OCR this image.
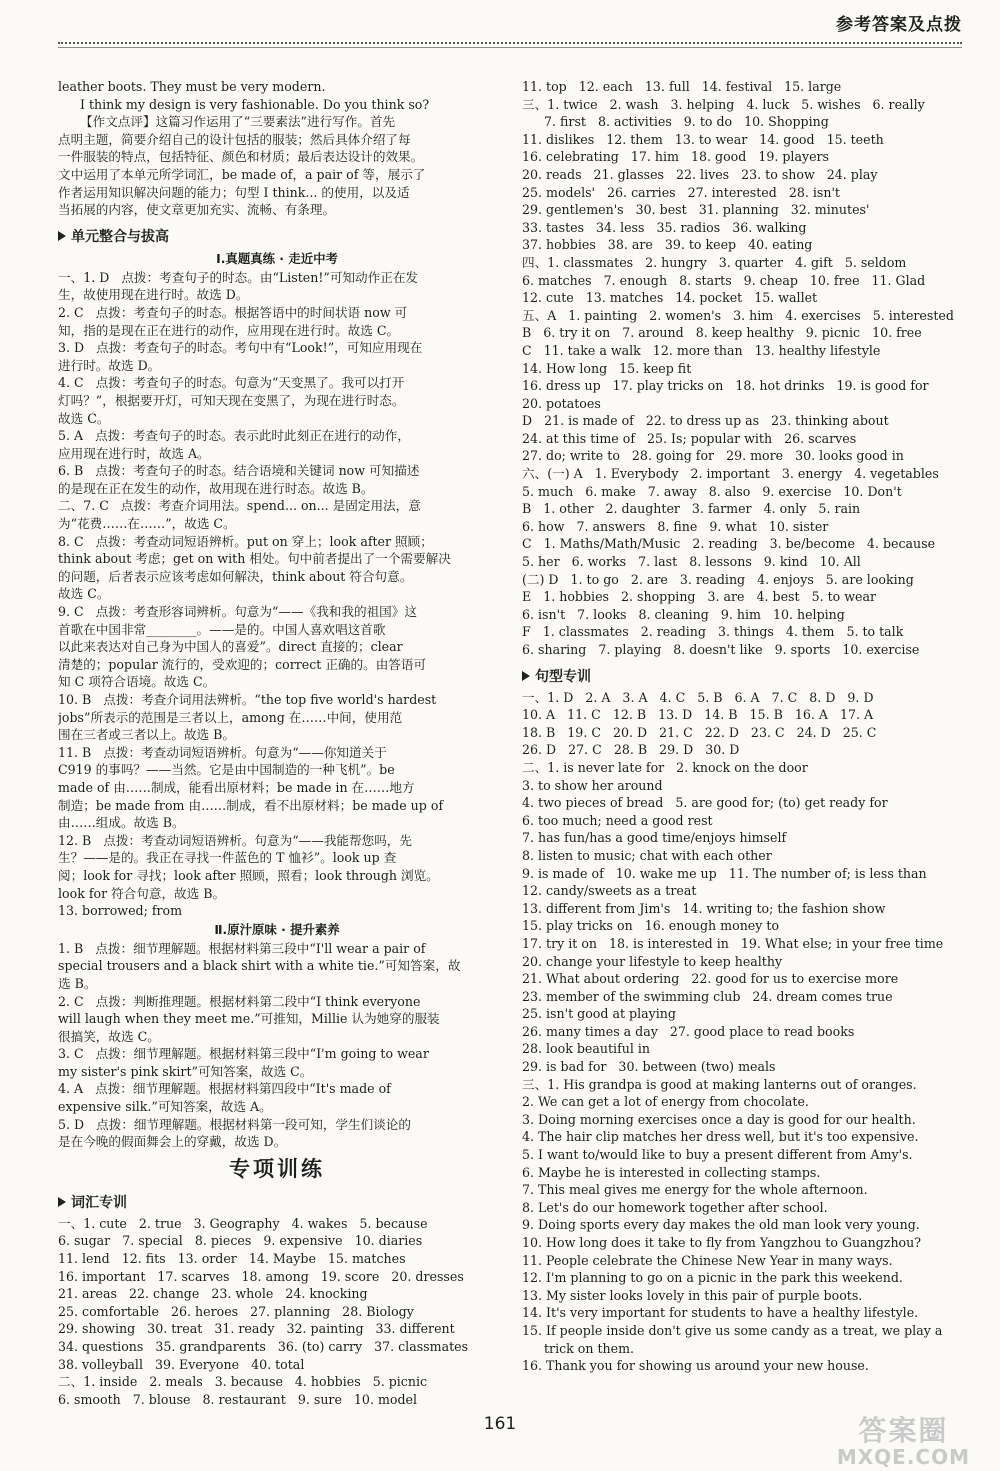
参考答案及点拨
leather boots. They must be very modern.
I think my design is very fashionable. Do you think so?
【作文点评】这篇习作运用了“三要素法”进行写作。首先
点明主题，简要介绍自己的设计包括的服装；然后具体介绍了每
一件服装的特点，包括特征、颜色和材质；最后表达设计的效果。
文中运用了本单元所学词汇，be made of，a pair of 等，展示了
作者运用知识解决问题的能力；句型 I think... 的使用，以及适
当拓展的内容，使文章更加充实、流畅、有条理。
单元整合与拔高
Ⅰ.真题真练 · 走近中考
一、1. D   点拨：考查句子的时态。由“Listen!”可知动作正在发
生，故使用现在进行时。故选 D。
2. C   点拨：考查句子的时态。根据答语中的时间状语 now 可
知，指的是现在正在进行的动作，应用现在进行时。故选 C。
3. D   点拨：考查句子的时态。考句中有“Look!”，可知应用现在
进行时。故选 D。
4. C   点拨：考查句子的时态。句意为“天变黑了。我可以打开
灯吗？”，根据要开灯，可知天现在变黑了，为现在进行时态。
故选 C。
5. A   点拨：考查句子的时态。表示此时此刻正在进行的动作，
应用现在进行时，故选 A。
6. B   点拨：考查句子的时态。结合语境和关键词 now 可知描述
的是现在正在发生的动作，故用现在进行时态。故选 B。
二、7. C   点拨：考查介词用法。spend... on... 是固定用法，意
为“花费……在……”，故选 C。
8. C   点拨：考查动词短语辨析。put on 穿上；look after 照顾；
think about 考虑；get on with 相处。句中前者提出了一个需要解决
的问题，后者表示应该考虑如何解决，think about 符合句意。
故选 C。
9. C   点拨：考查形容词辨析。句意为“——《我和我的祖国》这
首歌在中国非常________。——是的。中国人喜欢唱这首歌
以此来表达对自己身为中国人的喜爱”。direct 直接的；clear
清楚的；popular 流行的，受欢迎的；correct 正确的。由答语可
知 C 项符合语境。故选 C。
10. B   点拨：考查介词用法辨析。“the top five world's hardest
jobs”所表示的范围是三者以上，among 在……中间，使用范
围在三者或三者以上。故选 B。
11. B   点拨：考查动词短语辨析。句意为“——你知道关于
C919 的事吗？——当然。它是由中国制造的一种飞机”。be
made of 由……制成，能看出原材料；be made in 在……地方
制造；be made from 由……制成，看不出原材料；be made up of
由……组成。故选 B。
12. B   点拨：考查动词短语辨析。句意为“——我能帮您吗，先
生？——是的。我正在寻找一件蓝色的 T 恤衫”。look up 查
阅；look for 寻找；look after 照顾，照看；look through 浏览。
look for 符合句意，故选 B。
13. borrowed; from
Ⅱ.原汁原味 · 提升素养
1. B   点拨：细节理解题。根据材料第三段中“I'll wear a pair of
special trousers and a black shirt with a white tie.”可知答案，故
选 B。
2. C   点拨：判断推理题。根据材料第二段中“I think everyone
will laugh when they meet me.”可推知，Millie 认为她穿的服装
很搞笑，故选 C。
3. C   点拨：细节理解题。根据材料第三段中“I'm going to wear
my sister's pink skirt”可知答案，故选 C。
4. A   点拨：细节理解题。根据材料第四段中“It's made of
expensive silk.”可知答案，故选 A。
5. D   点拨：细节理解题。根据材料第一段可知，学生们谈论的
是在今晚的假面舞会上的穿戴，故选 D。
专项训练
词汇专训
一、1. cute   2. true   3. Geography   4. wakes   5. because
6. sugar   7. special   8. pieces   9. expensive   10. diaries
11. lend   12. fits   13. order   14. Maybe   15. matches
16. important   17. scarves   18. among   19. score   20. dresses
21. areas   22. change   23. whole   24. knocking
25. comfortable   26. heroes   27. planning   28. Biology
29. showing   30. treat   31. ready   32. painting   33. different
34. questions   35. grandparents   36. (to) carry   37. classmates
38. volleyball   39. Everyone   40. total
二、1. inside   2. meals   3. because   4. hobbies   5. picnic
6. smooth   7. blouse   8. restaurant   9. sure   10. model
11. top   12. each   13. full   14. festival   15. large
三、1. twice   2. wash   3. helping   4. luck   5. wishes   6. really
7. first   8. activities   9. to do   10. Shopping
11. dislikes   12. them   13. to wear   14. good   15. teeth
16. celebrating   17. him   18. good   19. players
20. reads   21. glasses   22. lives   23. to show   24. play
25. models'   26. carries   27. interested   28. isn't
29. gentlemen's   30. best   31. planning   32. minutes'
33. tastes   34. less   35. radios   36. walking
37. hobbies   38. are   39. to keep   40. eating
四、1. classmates   2. hungry   3. quarter   4. gift   5. seldom
6. matches   7. enough   8. starts   9. cheap   10. free   11. Glad
12. cute   13. matches   14. pocket   15. wallet
五、A   1. painting   2. women's   3. him   4. exercises   5. interested
B   6. try it on   7. around   8. keep healthy   9. picnic   10. free
C   11. take a walk   12. more than   13. healthy lifestyle
14. How long   15. keep fit
16. dress up   17. play tricks on   18. hot drinks   19. is good for
20. potatoes
D   21. is made of   22. to dress up as   23. thinking about
24. at this time of   25. Is; popular with   26. scarves
27. do; write to   28. going for   29. more   30. looks good in
六、(一) A   1. Everybody   2. important   3. energy   4. vegetables
5. much   6. make   7. away   8. also   9. exercise   10. Don't
B   1. other   2. daughter   3. farmer   4. only   5. rain
6. how   7. answers   8. fine   9. what   10. sister
C   1. Maths/Math/Music   2. reading   3. be/become   4. because
5. her   6. works   7. last   8. lessons   9. kind   10. All
(二) D   1. to go   2. are   3. reading   4. enjoys   5. are looking
E   1. hobbies   2. shopping   3. are   4. best   5. to wear
6. isn't   7. looks   8. cleaning   9. him   10. helping
F   1. classmates   2. reading   3. things   4. them   5. to talk
6. sharing   7. playing   8. doesn't like   9. sports   10. exercise
句型专训
一、1. D   2. A   3. A   4. C   5. B   6. A   7. C   8. D   9. D
10. A   11. C   12. B   13. D   14. B   15. B   16. A   17. A
18. B   19. C   20. D   21. C   22. D   23. C   24. D   25. C
26. D   27. C   28. B   29. D   30. D
二、1. is never late for   2. knock on the door
3. to show her around
4. two pieces of bread   5. are good for; (to) get ready for
6. too much; need a good rest
7. has fun/has a good time/enjoys himself
8. listen to music; chat with each other
9. is made of   10. wake me up   11. The number of; is less than
12. candy/sweets as a treat
13. different from Jim's   14. writing to; the fashion show
15. play tricks on   16. enough money to
17. try it on   18. is interested in   19. What else; in your free time
20. change your lifestyle to keep healthy
21. What about ordering   22. good for us to exercise more
23. member of the swimming club   24. dream comes true
25. isn't good at playing
26. many times a day   27. good place to read books
28. look beautiful in
29. is bad for   30. between (two) meals
三、1. His grandpa is good at making lanterns out of oranges.
2. We can get a lot of energy from chocolate.
3. Doing morning exercises once a day is good for our health.
4. The hair clip matches her dress well, but it's too expensive.
5. I want to/would like to buy a present different from Amy's.
6. Maybe he is interested in collecting stamps.
7. This meal gives me energy for the whole afternoon.
8. Let's do our homework together after school.
9. Doing sports every day makes the old man look very young.
10. How long does it take to fly from Yangzhou to Guangzhou?
11. People celebrate the Chinese New Year in many ways.
12. I'm planning to go on a picnic in the park this weekend.
13. My sister looks lovely in this pair of purple boots.
14. It's very important for students to have a healthy lifestyle.
15. If people inside don't give us some candy as a treat, we play a
trick on them.
16. Thank you for showing us around your new house.
161	答案圈
MXQE.COM
